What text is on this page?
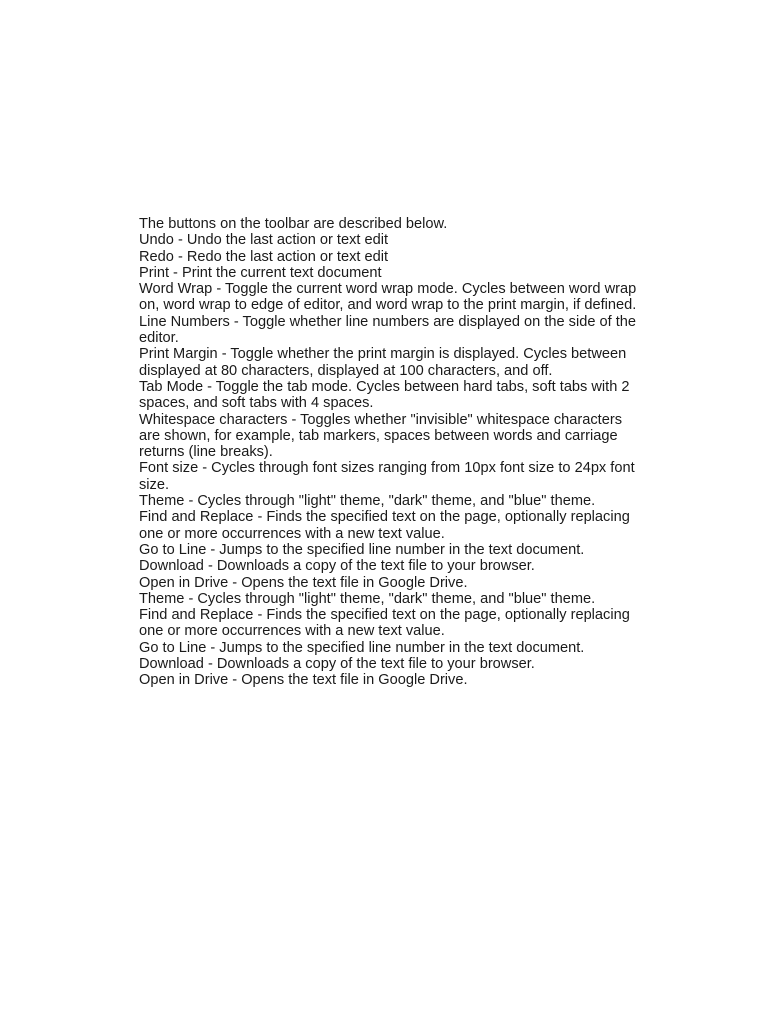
The buttons on the toolbar are described below.
Undo - Undo the last action or text edit
Redo - Redo the last action or text edit
Print - Print the current text document
Word Wrap - Toggle the current word wrap mode. Cycles between word wrap on, word wrap to edge of editor, and word wrap to the print margin, if defined.
Line Numbers - Toggle whether line numbers are displayed on the side of the editor.
Print Margin - Toggle whether the print margin is displayed. Cycles between displayed at 80 characters, displayed at 100 characters, and off.
Tab Mode - Toggle the tab mode. Cycles between hard tabs, soft tabs with 2 spaces, and soft tabs with 4 spaces.
Whitespace characters - Toggles whether "invisible" whitespace characters are shown, for example, tab markers, spaces between words and carriage returns (line breaks).
Font size - Cycles through font sizes ranging from 10px font size to 24px font size.
Theme - Cycles through "light" theme, "dark" theme, and "blue" theme.
Find and Replace - Finds the specified text on the page, optionally replacing one or more occurrences with a new text value.
Go to Line - Jumps to the specified line number in the text document.
Download - Downloads a copy of the text file to your browser.
Open in Drive - Opens the text file in Google Drive.
Theme - Cycles through "light" theme, "dark" theme, and "blue" theme.
Find and Replace - Finds the specified text on the page, optionally replacing one or more occurrences with a new text value.
Go to Line - Jumps to the specified line number in the text document.
Download - Downloads a copy of the text file to your browser.
Open in Drive - Opens the text file in Google Drive.
